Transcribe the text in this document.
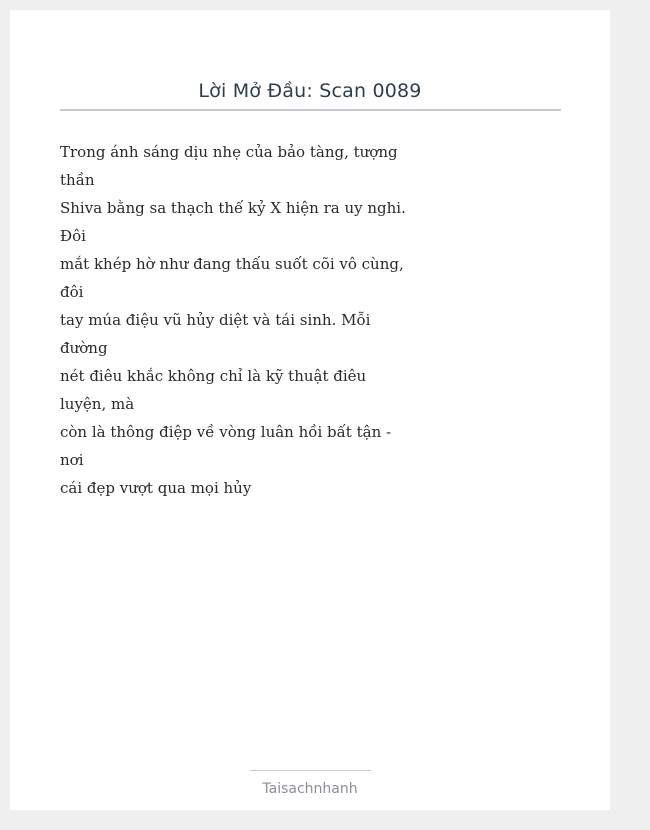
Lời Mở Đầu: Scan 0089
Trong ánh sáng dịu nhẹ của bảo tàng, tượng
thần
Shiva bằng sa thạch thế kỷ X hiện ra uy nghi.
Đôi
mắt khép hờ như đang thấu suốt cõi vô cùng,
đôi
tay múa điệu vũ hủy diệt và tái sinh. Mỗi
đường
nét điêu khắc không chỉ là kỹ thuật điêu
luyện, mà
còn là thông điệp về vòng luân hồi bất tận -
nơi
cái đẹp vượt qua mọi hủy
Taisachnhanh
